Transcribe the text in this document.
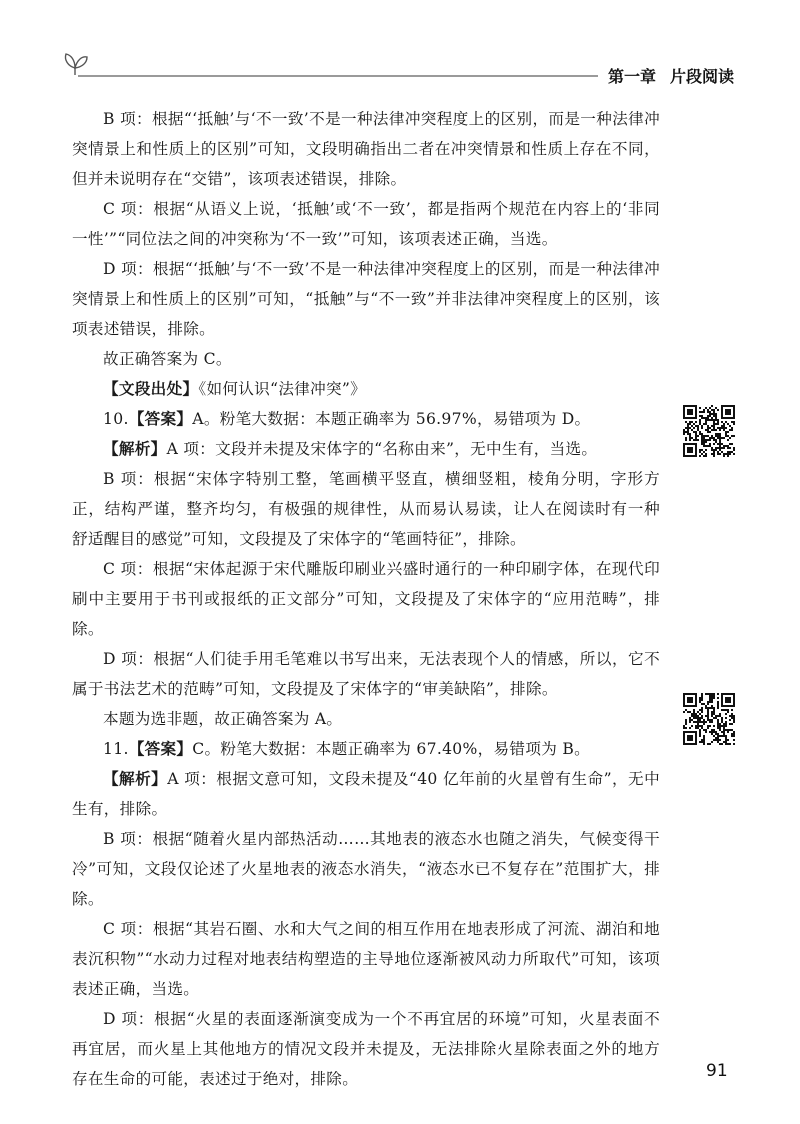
第一章 片段阅读

B 项：根据“‘抵触’与‘不一致’不是一种法律冲突程度上的区别，而是一种法律冲突情景上和性质上的区别”可知，文段明确指出二者在冲突情景和性质上存在不同，但并未说明存在“交错”，该项表述错误，排除。

C 项：根据“从语义上说，‘抵触’或‘不一致’，都是指两个规范在内容上的‘非同一性’”“同位法之间的冲突称为‘不一致’”可知，该项表述正确，当选。

D 项：根据“‘抵触’与‘不一致’不是一种法律冲突程度上的区别，而是一种法律冲突情景上和性质上的区别”可知，“抵触”与“不一致”并非法律冲突程度上的区别，该项表述错误，排除。

故正确答案为 C。

【文段出处】《如何认识“法律冲突”》

10.【答案】A。粉笔大数据：本题正确率为 56.97%，易错项为 D。

【解析】A 项：文段并未提及宋体字的“名称由来”，无中生有，当选。

B 项：根据“宋体字特别工整，笔画横平竖直，横细竖粗，棱角分明，字形方正，结构严谨，整齐均匀，有极强的规律性，从而易认易读，让人在阅读时有一种舒适醒目的感觉”可知，文段提及了宋体字的“笔画特征”，排除。

C 项：根据“宋体起源于宋代雕版印刷业兴盛时通行的一种印刷字体，在现代印刷中主要用于书刊或报纸的正文部分”可知，文段提及了宋体字的“应用范畴”，排除。

D 项：根据“人们徒手用毛笔难以书写出来，无法表现个人的情感，所以，它不属于书法艺术的范畴”可知，文段提及了宋体字的“审美缺陷”，排除。

本题为选非题，故正确答案为 A。

11.【答案】C。粉笔大数据：本题正确率为 67.40%，易错项为 B。

【解析】A 项：根据文意可知，文段未提及“40 亿年前的火星曾有生命”，无中生有，排除。

B 项：根据“随着火星内部热活动……其地表的液态水也随之消失，气候变得干冷”可知，文段仅论述了火星地表的液态水消失，“液态水已不复存在”范围扩大，排除。

C 项：根据“其岩石圈、水和大气之间的相互作用在地表形成了河流、湖泊和地表沉积物”“水动力过程对地表结构塑造的主导地位逐渐被风动力所取代”可知，该项表述正确，当选。

D 项：根据“火星的表面逐渐演变成为一个不再宜居的环境”可知，火星表面不再宜居，而火星上其他地方的情况文段并未提及，无法排除火星除表面之外的地方存在生命的可能，表述过于绝对，排除。	91
